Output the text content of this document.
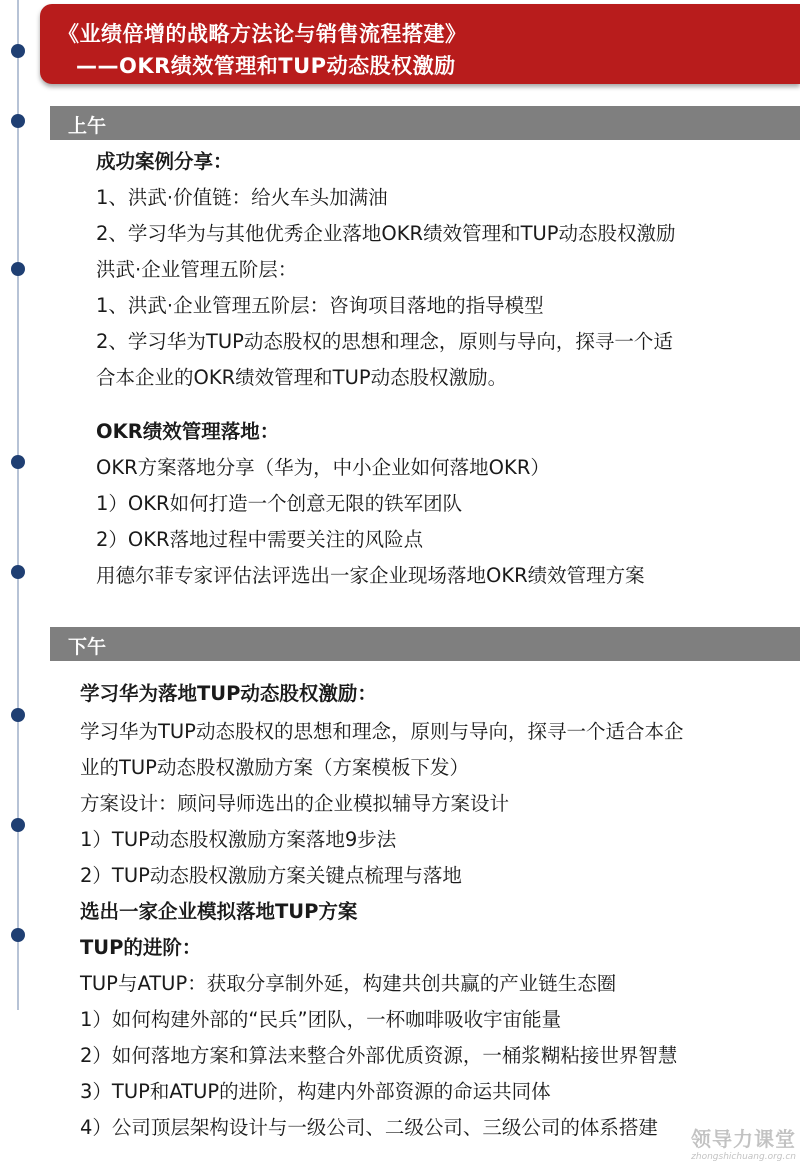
《业绩倍增的战略方法论与销售流程搭建》
——OKR绩效管理和TUP动态股权激励
上午
成功案例分享：
1、洪武·价值链：给火车头加满油
2、学习华为与其他优秀企业落地OKR绩效管理和TUP动态股权激励
洪武·企业管理五阶层：
1、洪武·企业管理五阶层：咨询项目落地的指导模型
2、学习华为TUP动态股权的思想和理念，原则与导向，探寻一个适
合本企业的OKR绩效管理和TUP动态股权激励。
OKR绩效管理落地：
OKR方案落地分享（华为，中小企业如何落地OKR）
1）OKR如何打造一个创意无限的铁军团队
2）OKR落地过程中需要关注的风险点
用德尔菲专家评估法评选出一家企业现场落地OKR绩效管理方案
下午
学习华为落地TUP动态股权激励：
学习华为TUP动态股权的思想和理念，原则与导向，探寻一个适合本企
业的TUP动态股权激励方案（方案模板下发）
方案设计：顾问导师选出的企业模拟辅导方案设计
1）TUP动态股权激励方案落地9步法
2）TUP动态股权激励方案关键点梳理与落地
选出一家企业模拟落地TUP方案
TUP的进阶：
TUP与ATUP：获取分享制外延，构建共创共赢的产业链生态圈
1）如何构建外部的“民兵”团队，一杯咖啡吸收宇宙能量
2）如何落地方案和算法来整合外部优质资源，一桶浆糊粘接世界智慧
3）TUP和ATUP的进阶，构建内外部资源的命运共同体
4）公司顶层架构设计与一级公司、二级公司、三级公司的体系搭建 领导力课堂
zhongshichuang.org.cn
